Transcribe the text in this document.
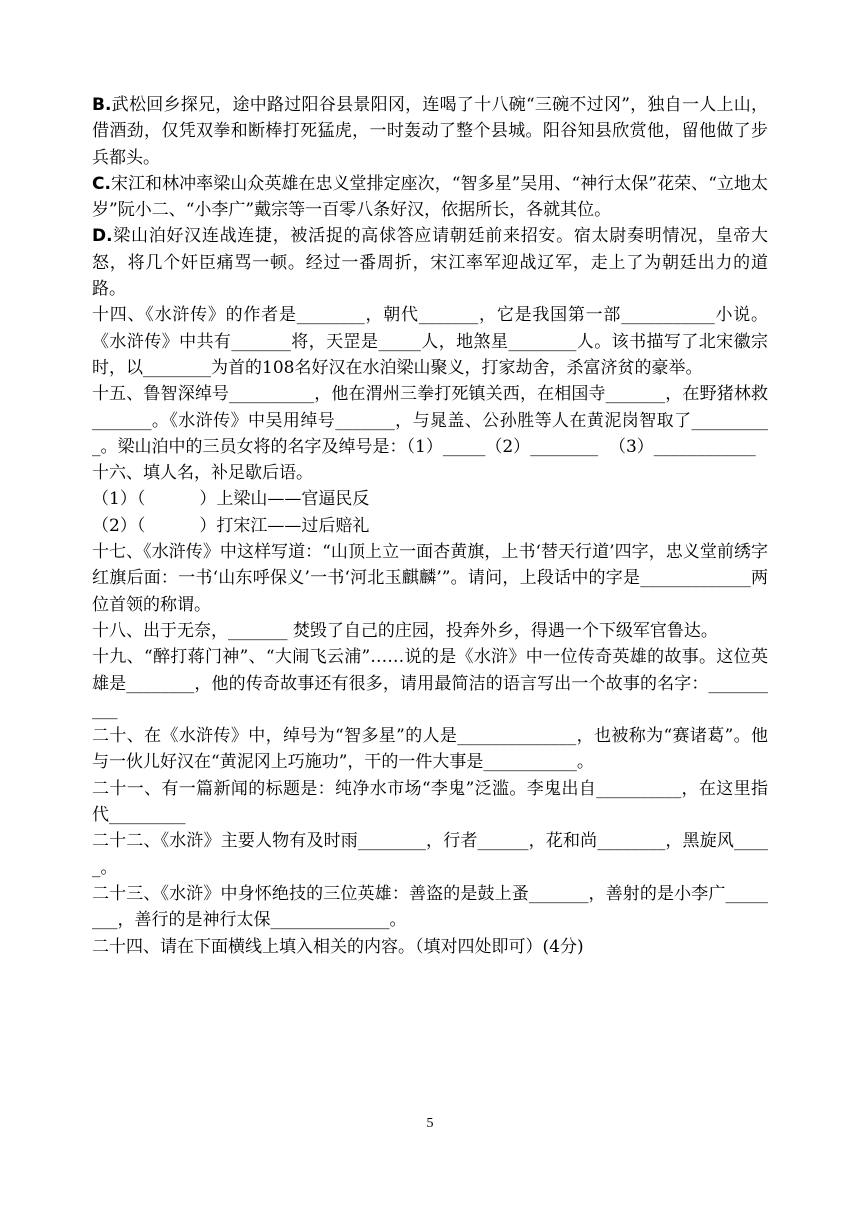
B.武松回乡探兄，途中路过阳谷县景阳冈，连喝了十八碗“三碗不过冈”，独自一人上山，借酒劲，仅凭双拳和断棒打死猛虎，一时轰动了整个县城。阳谷知县欣赏他，留他做了步兵都头。

C.宋江和林冲率梁山众英雄在忠义堂排定座次，“智多星”吴用、“神行太保”花荣、“立地太岁”阮小二、“小李广”戴宗等一百零八条好汉，依据所长，各就其位。

D.梁山泊好汉连战连捷，被活捉的高俅答应请朝廷前来招安。宿太尉奏明情况，皇帝大怒，将几个奸臣痛骂一顿。经过一番周折，宋江率军迎战辽军，走上了为朝廷出力的道路。

十四、《水浒传》的作者是________，朝代_______，它是我国第一部___________小说。《水浒传》中共有_______将，天罡是_____人，地煞星________人。该书描写了北宋徽宗时，以________为首的108名好汉在水泊梁山聚义，打家劫舍，杀富济贫的豪举。

十五、鲁智深绰号__________，他在渭州三拳打死镇关西，在相国寺_______，在野猪林救_______。《水浒传》中吴用绰号_______，与晁盖、公孙胜等人在黄泥岗智取了__________。梁山泊中的三员女将的名字及绰号是：（1）_____（2）________  （3）____________

十六、填人名，补足歇后语。

（1）（          ）上梁山——官逼民反

（2）（          ）打宋江——过后赔礼

十七、《水浒传》中这样写道：“山顶上立一面杏黄旗，上书‘替天行道’四字，忠义堂前绣字红旗后面：一书‘山东呼保义’一书‘河北玉麒麟’”。请问，上段话中的字是_____________两位首领的称谓。

十八、出于无奈，_______ 焚毁了自己的庄园，投奔外乡，得遇一个下级军官鲁达。

十九、“醉打蒋门神”、“大闹飞云浦”……说的是《水浒》中一位传奇英雄的故事。这位英雄是________，他的传奇故事还有很多，请用最简洁的语言写出一个故事的名字：__________

二十、在《水浒传》中，绰号为“智多星”的人是______________，也被称为“赛诸葛”。他与一伙儿好汉在“黄泥冈上巧施功”，干的一件大事是___________。

二十一、有一篇新闻的标题是：纯净水市场“李鬼”泛滥。李鬼出自__________，在这里指代_________

二十二、《水浒》主要人物有及时雨________，行者______，花和尚________，黑旋风_____。

二十三、《水浒》中身怀绝技的三位英雄：善盗的是鼓上蚤_______，善射的是小李广________，善行的是神行太保______________。

二十四、请在下面横线上填入相关的内容。（填对四处即可）(4分)

5
